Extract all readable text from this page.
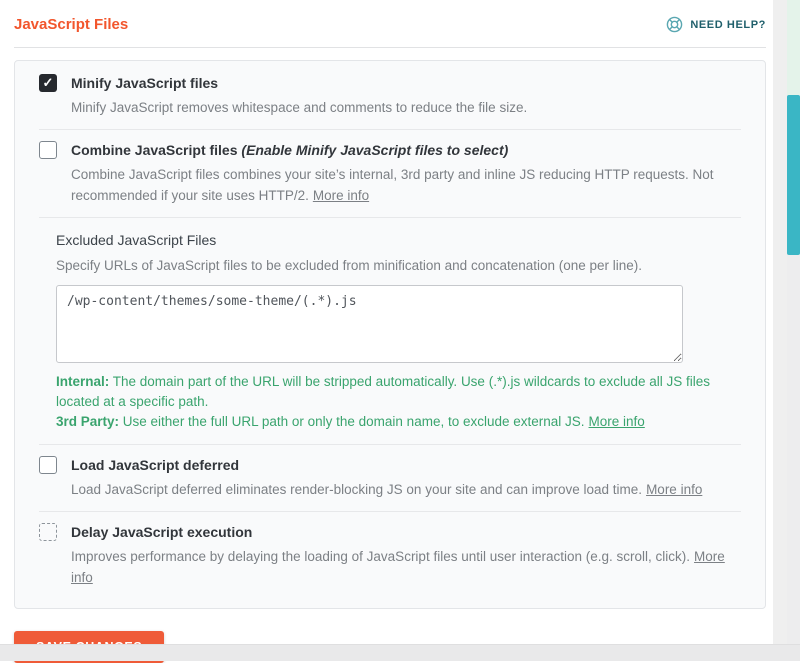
JavaScript Files	NEED HELP?
✓
Minify JavaScript files
Minify JavaScript removes whitespace and comments to reduce the file size.
Combine JavaScript files (Enable Minify JavaScript files to select)
Combine JavaScript files combines your site’s internal, 3rd party and inline JS reducing HTTP requests. Not recommended if your site uses HTTP/2. More info
Excluded JavaScript Files
Specify URLs of JavaScript files to be excluded from minification and concatenation (one per line).
/wp-content/themes/some-theme/(.*).js
Internal: The domain part of the URL will be stripped automatically. Use (.*).js wildcards to exclude all JS files located at a specific path.
3rd Party: Use either the full URL path or only the domain name, to exclude external JS. More info
Load JavaScript deferred
Load JavaScript deferred eliminates render-blocking JS on your site and can improve load time. More info
Delay JavaScript execution
Improves performance by delaying the loading of JavaScript files until user interaction (e.g. scroll, click). More info
